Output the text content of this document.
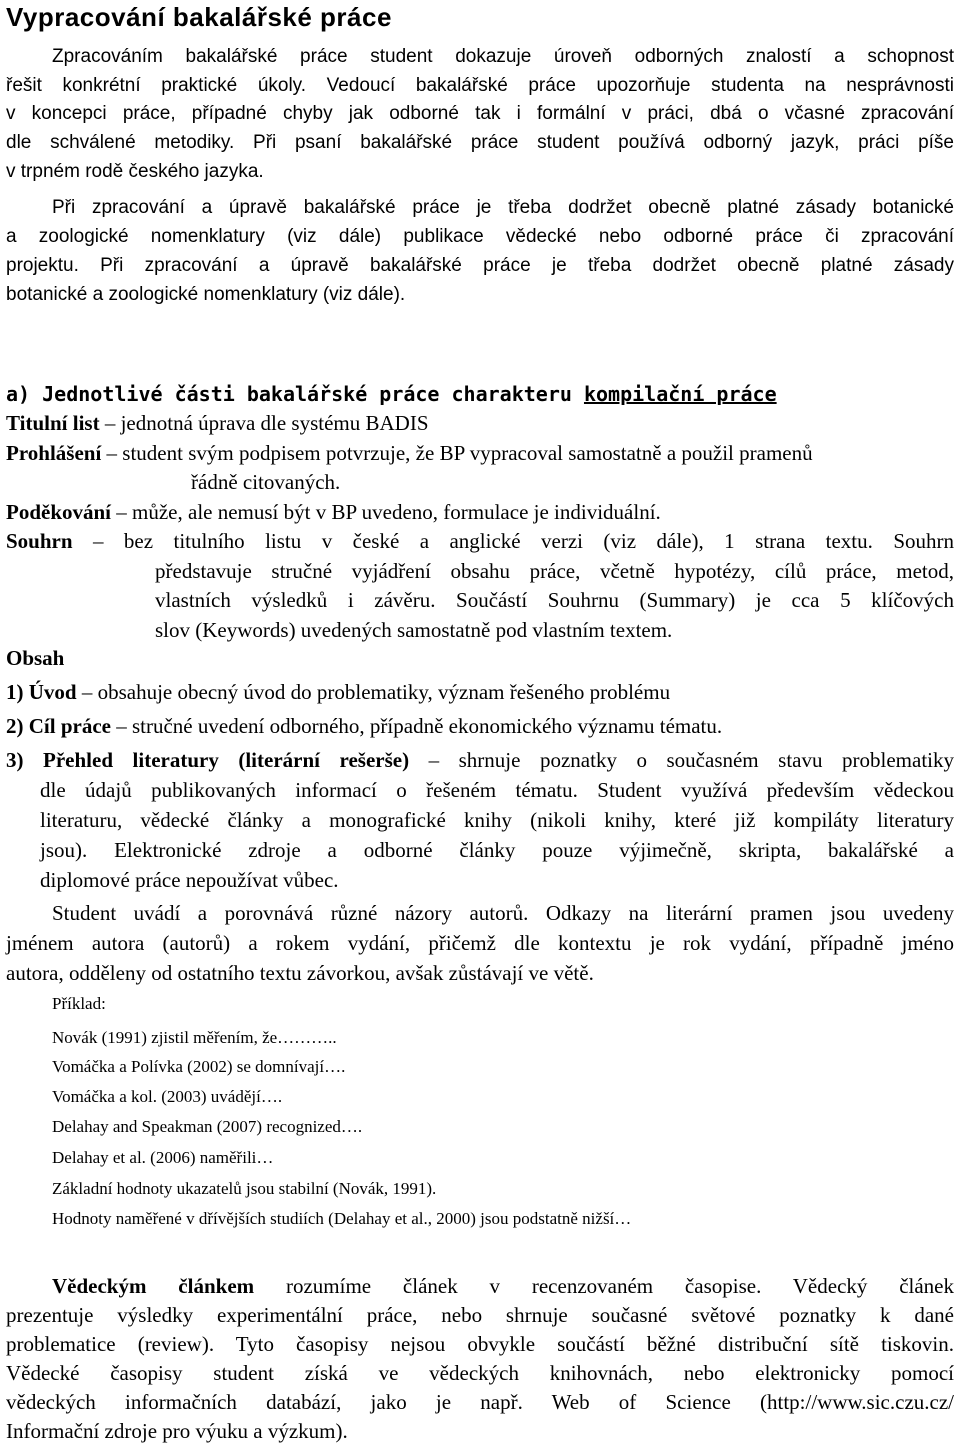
Vypracování bakalářské práce
Zpracováním bakalářské práce student dokazuje úroveň odborných znalostí a schopnost
řešit konkrétní praktické úkoly. Vedoucí bakalářské práce upozorňuje studenta na nesprávnosti
v koncepci práce, případné chyby jak odborné tak i formální v práci, dbá o včasné zpracování
dle schválené metodiky. Při psaní bakalářské práce student používá odborný jazyk, práci píše
v trpném rodě českého jazyka.
Při zpracování a úpravě bakalářské práce je třeba dodržet obecně platné zásady botanické
a zoologické nomenklatury (viz dále) publikace vědecké nebo odborné práce či zpracování
projektu. Při zpracování a úpravě bakalářské práce je třeba dodržet obecně platné zásady
botanické a zoologické nomenklatury (viz dále).
a) Jednotlivé části bakalářské práce charakteru kompilační práce
Titulní list – jednotná úprava dle systému BADIS
Prohlášení – student svým podpisem potvrzuje, že BP vypracoval samostatně a použil pramenů
řádně citovaných.
Poděkování – může, ale nemusí být v BP uvedeno, formulace je individuální.
Souhrn – bez titulního listu v české a anglické verzi (viz dále), 1 strana textu. Souhrn
představuje stručné vyjádření obsahu práce, včetně hypotézy, cílů práce, metod,
vlastních výsledků i závěru. Součástí Souhrnu (Summary) je cca 5 klíčových
slov (Keywords) uvedených samostatně pod vlastním textem.
Obsah
1) Úvod – obsahuje obecný úvod do problematiky, význam řešeného problému
2) Cíl práce – stručné uvedení odborného, případně ekonomického významu tématu.
3) Přehled literatury (literární rešerše) – shrnuje poznatky o současném stavu problematiky
dle údajů publikovaných informací o řešeném tématu. Student využívá především vědeckou
literaturu, vědecké články a monografické knihy (nikoli knihy, které již kompiláty literatury
jsou). Elektronické zdroje a odborné články pouze výjimečně, skripta, bakalářské a
diplomové práce nepoužívat vůbec.
Student uvádí a porovnává různé názory autorů. Odkazy na literární pramen jsou uvedeny
jménem autora (autorů) a rokem vydání, přičemž dle kontextu je rok vydání, případně jméno
autora, odděleny od ostatního textu závorkou, avšak zůstávají ve větě.
Příklad:
Novák (1991) zjistil měřením, že………..
Vomáčka a Polívka (2002) se domnívají….
Vomáčka a kol. (2003) uvádějí….
Delahay and Speakman (2007) recognized….
Delahay et al. (2006) naměřili…
Základní hodnoty ukazatelů jsou stabilní (Novák, 1991).
Hodnoty naměřené v dřívějších studiích (Delahay et al., 2000) jsou podstatně nižší…
Vědeckým článkem rozumíme článek v recenzovaném časopise. Vědecký článek
prezentuje výsledky experimentální práce, nebo shrnuje současné světové poznatky k dané
problematice (review). Tyto časopisy nejsou obvykle součástí běžné distribuční sítě tiskovin.
Vědecké časopisy student získá ve vědeckých knihovnách, nebo elektronicky pomocí
vědeckých informačních databází, jako je např. Web of Science (http://www.sic.czu.cz/
Informační zdroje pro výuku a výzkum).
